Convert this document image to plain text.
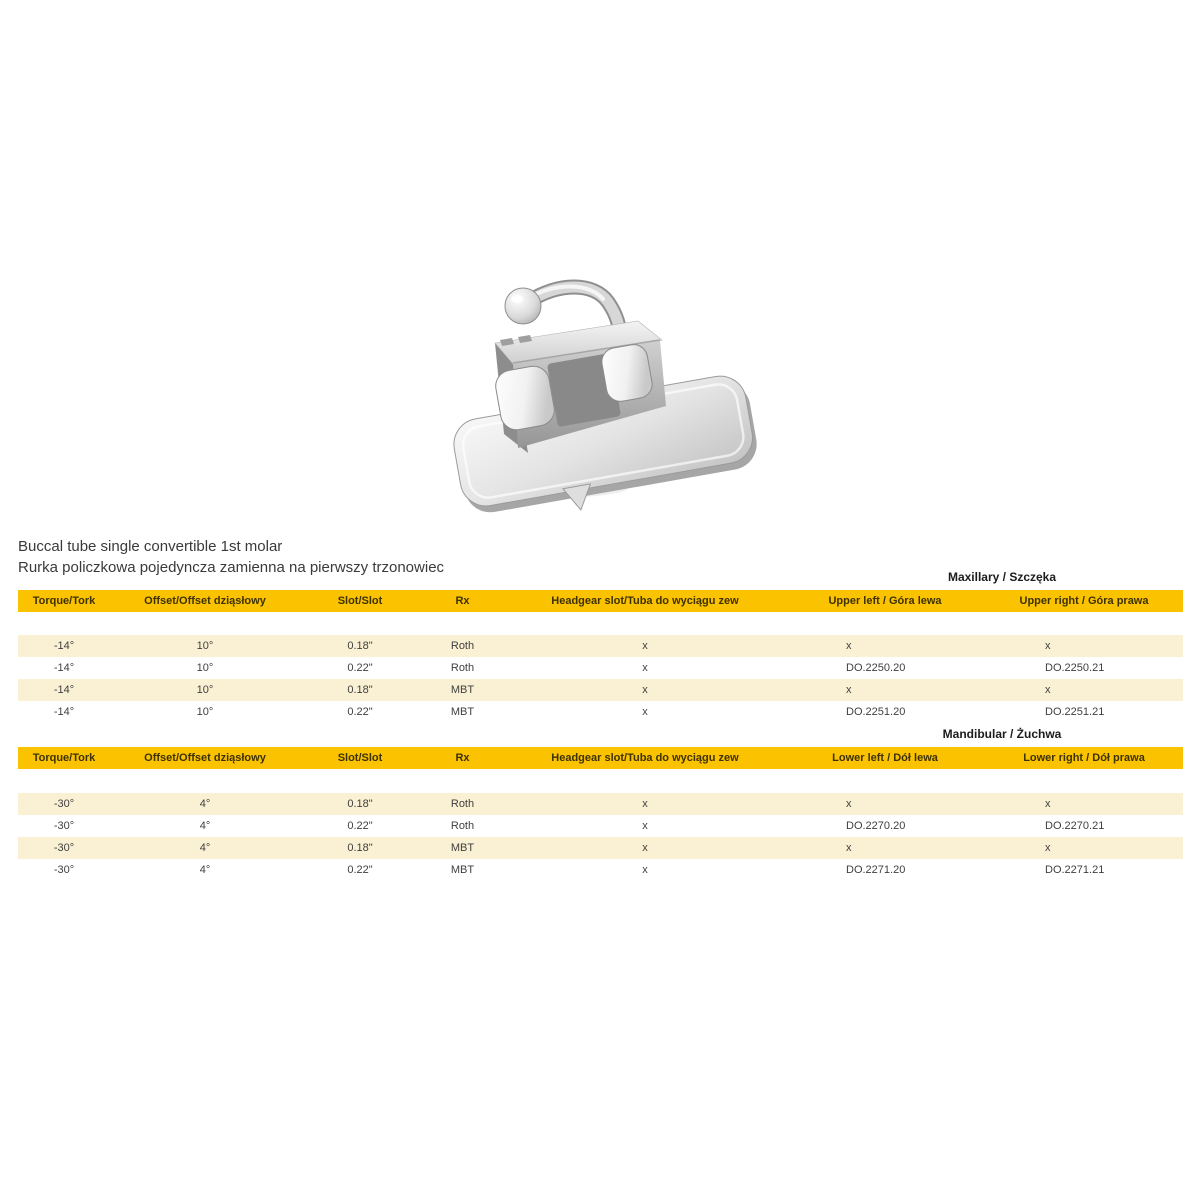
Buccal tube single convertible 1st molar
Rurka policzkowa pojedyncza zamienna na pierwszy trzonowiec
Maxillary / Szczęka
Torque/Tork	Offset/Offset dziąsłowy	Slot/Slot	Rx	Headgear slot/Tuba do wyciągu zew	Upper left / Góra lewa	Upper right / Góra prawa
-14°	10°	0.18"	Roth	x	x	x
-14°	10°	0.22"	Roth	x	DO.2250.20	DO.2250.21
-14°	10°	0.18"	MBT	x	x	x
-14°	10°	0.22"	MBT	x	DO.2251.20	DO.2251.21
Mandibular / Żuchwa
Torque/Tork	Offset/Offset dziąsłowy	Slot/Slot	Rx	Headgear slot/Tuba do wyciągu zew	Lower left / Dół lewa	Lower right / Dół prawa
-30°	4°	0.18"	Roth	x	x	x
-30°	4°	0.22"	Roth	x	DO.2270.20	DO.2270.21
-30°	4°	0.18"	MBT	x	x	x
-30°	4°	0.22"	MBT	x	DO.2271.20	DO.2271.21
